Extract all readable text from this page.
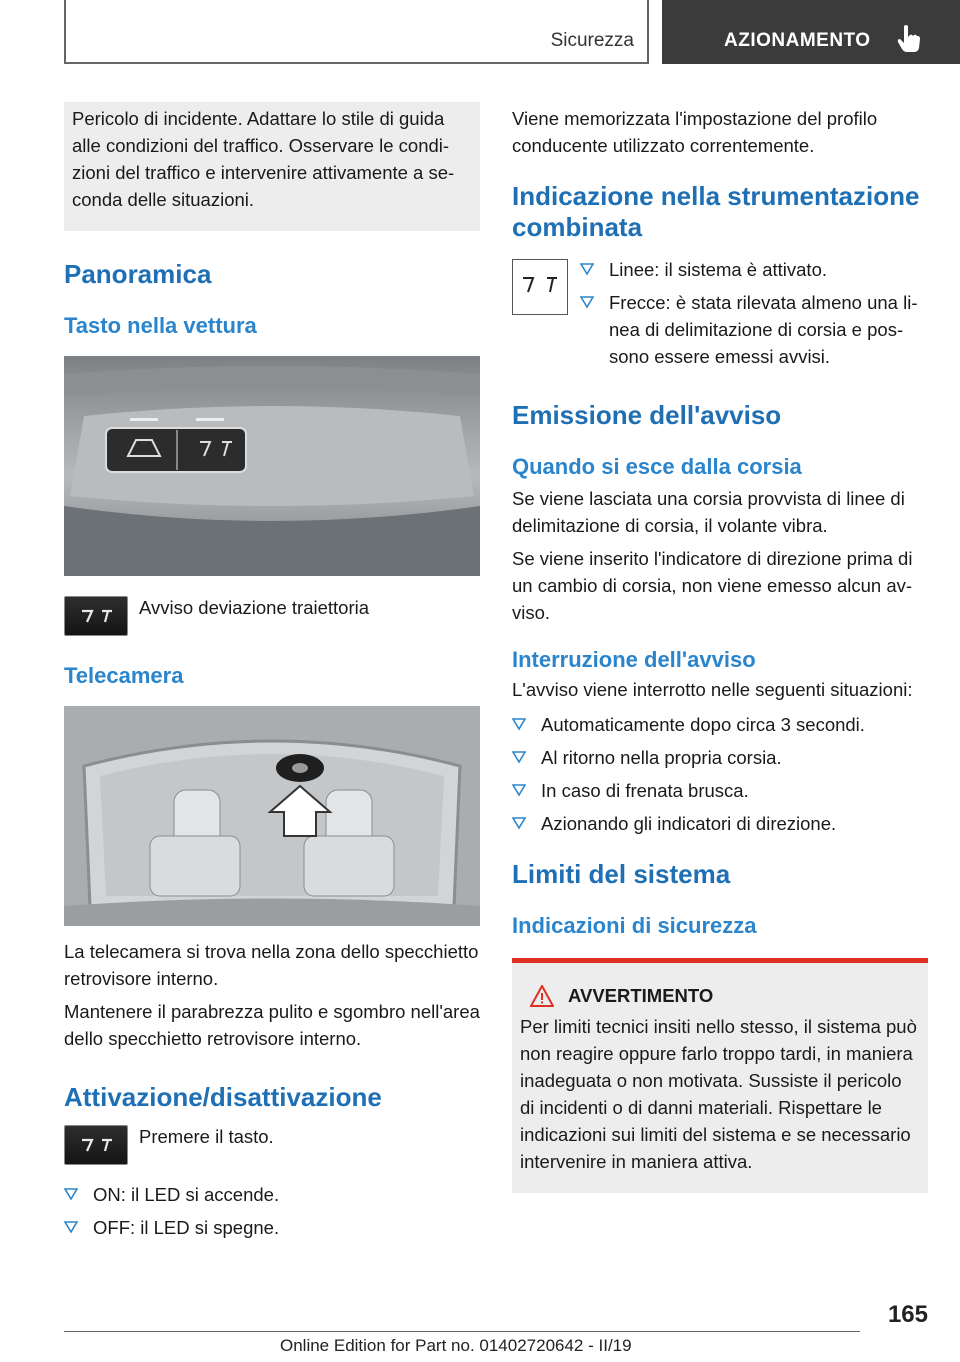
Sicurezza	AZIONAMENTO

Pericolo di incidente. Adattare lo stile di guida alle condizioni del traffico. Osservare le condizioni del traffico e intervenire attivamente a seconda delle situazioni.

Panoramica
Tasto nella vettura
Avviso deviazione traiettoria
Telecamera

La telecamera si trova nella zona dello specchietto retrovisore interno.

Mantenere il parabrezza pulito e sgombro nell'area dello specchietto retrovisore interno.

Attivazione/disattivazione
Premere il tasto.
ON: il LED si accende.
OFF: il LED si spegne.

Viene memorizzata l'impostazione del profilo conducente utilizzato correntemente.

Indicazione nella strumentazione combinata
Linee: il sistema è attivato.
Frecce: è stata rilevata almeno una linea di delimitazione di corsia e possono essere emessi avvisi.
Emissione dell'avviso
Quando si esce dalla corsia

Se viene lasciata una corsia provvista di linee di delimitazione di corsia, il volante vibra.

Se viene inserito l'indicatore di direzione prima di un cambio di corsia, non viene emesso alcun avviso.

Interruzione dell'avviso

L'avviso viene interrotto nelle seguenti situazioni:

Automaticamente dopo circa 3 secondi.
Al ritorno nella propria corsia.
In caso di frenata brusca.
Azionando gli indicatori di direzione.
Limiti del sistema
Indicazioni di sicurezza
AVVERTIMENTO

Per limiti tecnici insiti nello stesso, il sistema può non reagire oppure farlo troppo tardi, in maniera inadeguata o non motivata. Sussiste il pericolo di incidenti o di danni materiali. Rispettare le indicazioni sui limiti del sistema e se necessario intervenire in maniera attiva.

165
Online Edition for Part no. 01402720642 - II/19
